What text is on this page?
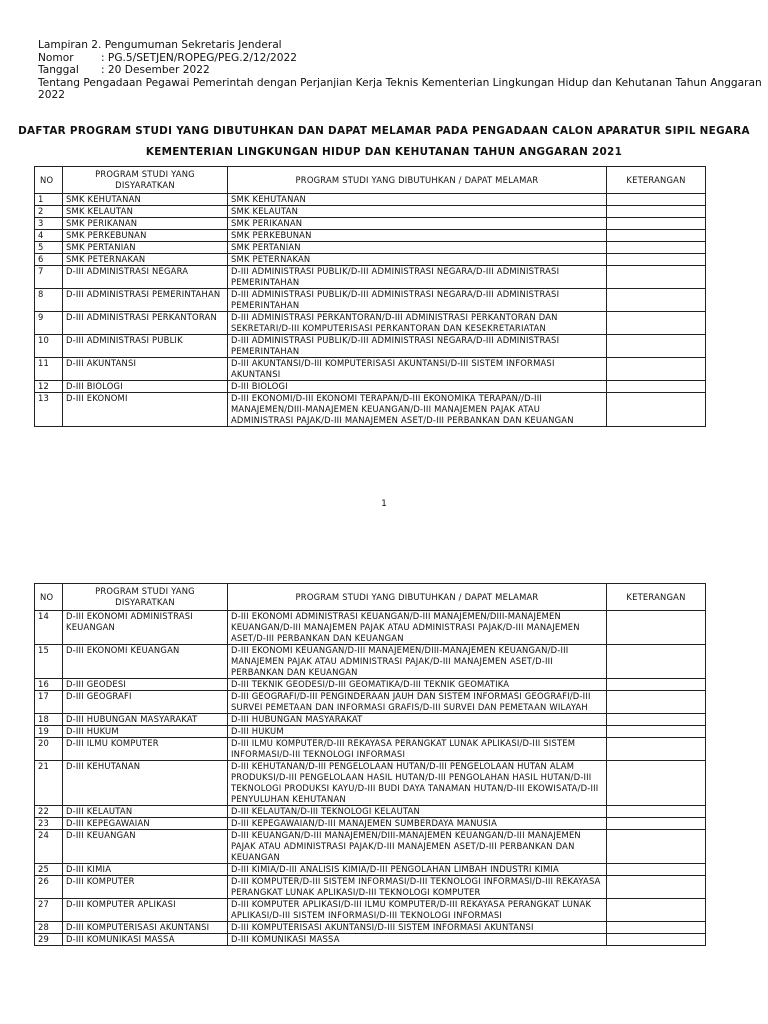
Lampiran 2. Pengumuman Sekretaris Jenderal
Nomor	: PG.5/SETJEN/ROPEG/PEG.2/12/2022
Tanggal	: 20 Desember 2022
Tentang Pengadaan Pegawai Pemerintah dengan Perjanjian Kerja Teknis Kementerian Lingkungan Hidup dan Kehutanan Tahun Anggaran
2022
DAFTAR PROGRAM STUDI YANG DIBUTUHKAN DAN DAPAT MELAMAR PADA PENGADAAN CALON APARATUR SIPIL NEGARA
KEMENTERIAN LINGKUNGAN HIDUP DAN KEHUTANAN TAHUN ANGGARAN 2021
NO	PROGRAM STUDI YANG DISYARATKAN	PROGRAM STUDI YANG DIBUTUHKAN / DAPAT MELAMAR	KETERANGAN
1	SMK KEHUTANAN	SMK KEHUTANAN	
2	SMK KELAUTAN	SMK KELAUTAN	
3	SMK PERIKANAN	SMK PERIKANAN	
4	SMK PERKEBUNAN	SMK PERKEBUNAN	
5	SMK PERTANIAN	SMK PERTANIAN	
6	SMK PETERNAKAN	SMK PETERNAKAN	
7	D-III ADMINISTRASI NEGARA	D-III ADMINISTRASI PUBLIK/D-III ADMINISTRASI NEGARA/D-III ADMINISTRASI PEMERINTAHAN	
8	D-III ADMINISTRASI PEMERINTAHAN	D-III ADMINISTRASI PUBLIK/D-III ADMINISTRASI NEGARA/D-III ADMINISTRASI PEMERINTAHAN	
9	D-III ADMINISTRASI PERKANTORAN	D-III ADMINISTRASI PERKANTORAN/D-III ADMINISTRASI PERKANTORAN DAN SEKRETARI/D-III KOMPUTERISASI PERKANTORAN DAN KESEKRETARIATAN	
10	D-III ADMINISTRASI PUBLIK	D-III ADMINISTRASI PUBLIK/D-III ADMINISTRASI NEGARA/D-III ADMINISTRASI PEMERINTAHAN	
11	D-III AKUNTANSI	D-III AKUNTANSI/D-III KOMPUTERISASI AKUNTANSI/D-III SISTEM INFORMASI AKUNTANSI	
12	D-III BIOLOGI	D-III BIOLOGI	
13	D-III EKONOMI	D-III EKONOMI/D-III EKONOMI TERAPAN/D-III EKONOMIKA TERAPAN//D-III MANAJEMEN/DIII-MANAJEMEN KEUANGAN/D-III MANAJEMEN PAJAK ATAU ADMINISTRASI PAJAK/D-III MANAJEMEN ASET/D-III PERBANKAN DAN KEUANGAN	
1
NO	PROGRAM STUDI YANG DISYARATKAN	PROGRAM STUDI YANG DIBUTUHKAN / DAPAT MELAMAR	KETERANGAN
14	D-III EKONOMI ADMINISTRASI KEUANGAN	D-III EKONOMI ADMINISTRASI KEUANGAN/D-III MANAJEMEN/DIII-MANAJEMEN KEUANGAN/D-III MANAJEMEN PAJAK ATAU ADMINISTRASI PAJAK/D-III MANAJEMEN ASET/D-III PERBANKAN DAN KEUANGAN	
15	D-III EKONOMI KEUANGAN	D-III EKONOMI KEUANGAN/D-III MANAJEMEN/DIII-MANAJEMEN KEUANGAN/D-III MANAJEMEN PAJAK ATAU ADMINISTRASI PAJAK/D-III MANAJEMEN ASET/D-III PERBANKAN DAN KEUANGAN	
16	D-III GEODESI	D-III TEKNIK GEODESI/D-III GEOMATIKA/D-III TEKNIK GEOMATIKA	
17	D-III GEOGRAFI	D-III GEOGRAFI/D-III PENGINDERAAN JAUH DAN SISTEM INFORMASI GEOGRAFI/D-III SURVEI PEMETAAN DAN INFORMASI GRAFIS/D-III SURVEI DAN PEMETAAN WILAYAH	
18	D-III HUBUNGAN MASYARAKAT	D-III HUBUNGAN MASYARAKAT	
19	D-III HUKUM	D-III HUKUM	
20	D-III ILMU KOMPUTER	D-III ILMU KOMPUTER/D-III REKAYASA PERANGKAT LUNAK APLIKASI/D-III SISTEM INFORMASI/D-III TEKNOLOGI INFORMASI	
21	D-III KEHUTANAN	D-III KEHUTANAN/D-III PENGELOLAAN HUTAN/D-III PENGELOLAAN HUTAN ALAM PRODUKSI/D-III PENGELOLAAN HASIL HUTAN/D-III PENGOLAHAN HASIL HUTAN/D-III TEKNOLOGI PRODUKSI KAYU/D-III BUDI DAYA TANAMAN HUTAN/D-III EKOWISATA/D-III PENYULUHAN KEHUTANAN	
22	D-III KELAUTAN	D-III KELAUTAN/D-III TEKNOLOGI KELAUTAN	
23	D-III KEPEGAWAIAN	D-III KEPEGAWAIAN/D-III MANAJEMEN SUMBERDAYA MANUSIA	
24	D-III KEUANGAN	D-III KEUANGAN/D-III MANAJEMEN/DIII-MANAJEMEN KEUANGAN/D-III MANAJEMEN PAJAK ATAU ADMINISTRASI PAJAK/D-III MANAJEMEN ASET/D-III PERBANKAN DAN KEUANGAN	
25	D-III KIMIA	D-III KIMIA/D-III ANALISIS KIMIA/D-III PENGOLAHAN LIMBAH INDUSTRI KIMIA	
26	D-III KOMPUTER	D-III KOMPUTER/D-III SISTEM INFORMASI/D-III TEKNOLOGI INFORMASI/D-III REKAYASA PERANGKAT LUNAK APLIKASI/D-III TEKNOLOGI KOMPUTER	
27	D-III KOMPUTER APLIKASI	D-III KOMPUTER APLIKASI/D-III ILMU KOMPUTER/D-III REKAYASA PERANGKAT LUNAK APLIKASI/D-III SISTEM INFORMASI/D-III TEKNOLOGI INFORMASI	
28	D-III KOMPUTERISASI AKUNTANSI	D-III KOMPUTERISASI AKUNTANSI/D-III SISTEM INFORMASI AKUNTANSI	
29	D-III KOMUNIKASI MASSA	D-III KOMUNIKASI MASSA	
